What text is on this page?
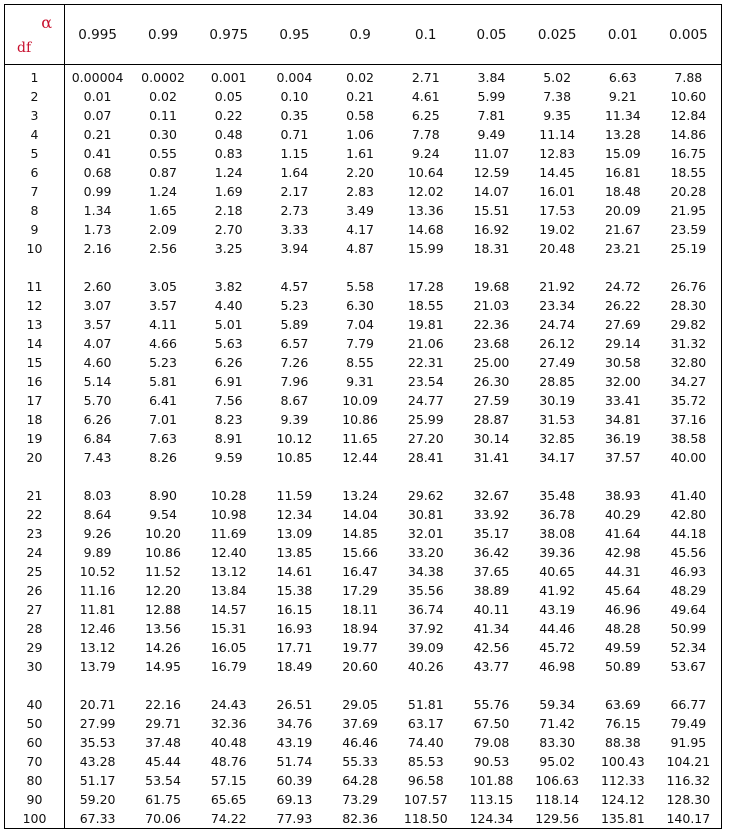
α
df	0.995	0.99	0.975	0.95	0.9	0.1	0.05	0.025	0.01	0.005
1	0.00004	0.0002	0.001	0.004	0.02	2.71	3.84	5.02	6.63	7.88
2	0.01	0.02	0.05	0.10	0.21	4.61	5.99	7.38	9.21	10.60
3	0.07	0.11	0.22	0.35	0.58	6.25	7.81	9.35	11.34	12.84
4	0.21	0.30	0.48	0.71	1.06	7.78	9.49	11.14	13.28	14.86
5	0.41	0.55	0.83	1.15	1.61	9.24	11.07	12.83	15.09	16.75
6	0.68	0.87	1.24	1.64	2.20	10.64	12.59	14.45	16.81	18.55
7	0.99	1.24	1.69	2.17	2.83	12.02	14.07	16.01	18.48	20.28
8	1.34	1.65	2.18	2.73	3.49	13.36	15.51	17.53	20.09	21.95
9	1.73	2.09	2.70	3.33	4.17	14.68	16.92	19.02	21.67	23.59
10	2.16	2.56	3.25	3.94	4.87	15.99	18.31	20.48	23.21	25.19

11	2.60	3.05	3.82	4.57	5.58	17.28	19.68	21.92	24.72	26.76
12	3.07	3.57	4.40	5.23	6.30	18.55	21.03	23.34	26.22	28.30
13	3.57	4.11	5.01	5.89	7.04	19.81	22.36	24.74	27.69	29.82
14	4.07	4.66	5.63	6.57	7.79	21.06	23.68	26.12	29.14	31.32
15	4.60	5.23	6.26	7.26	8.55	22.31	25.00	27.49	30.58	32.80
16	5.14	5.81	6.91	7.96	9.31	23.54	26.30	28.85	32.00	34.27
17	5.70	6.41	7.56	8.67	10.09	24.77	27.59	30.19	33.41	35.72
18	6.26	7.01	8.23	9.39	10.86	25.99	28.87	31.53	34.81	37.16
19	6.84	7.63	8.91	10.12	11.65	27.20	30.14	32.85	36.19	38.58
20	7.43	8.26	9.59	10.85	12.44	28.41	31.41	34.17	37.57	40.00

21	8.03	8.90	10.28	11.59	13.24	29.62	32.67	35.48	38.93	41.40
22	8.64	9.54	10.98	12.34	14.04	30.81	33.92	36.78	40.29	42.80
23	9.26	10.20	11.69	13.09	14.85	32.01	35.17	38.08	41.64	44.18
24	9.89	10.86	12.40	13.85	15.66	33.20	36.42	39.36	42.98	45.56
25	10.52	11.52	13.12	14.61	16.47	34.38	37.65	40.65	44.31	46.93
26	11.16	12.20	13.84	15.38	17.29	35.56	38.89	41.92	45.64	48.29
27	11.81	12.88	14.57	16.15	18.11	36.74	40.11	43.19	46.96	49.64
28	12.46	13.56	15.31	16.93	18.94	37.92	41.34	44.46	48.28	50.99
29	13.12	14.26	16.05	17.71	19.77	39.09	42.56	45.72	49.59	52.34
30	13.79	14.95	16.79	18.49	20.60	40.26	43.77	46.98	50.89	53.67

40	20.71	22.16	24.43	26.51	29.05	51.81	55.76	59.34	63.69	66.77
50	27.99	29.71	32.36	34.76	37.69	63.17	67.50	71.42	76.15	79.49
60	35.53	37.48	40.48	43.19	46.46	74.40	79.08	83.30	88.38	91.95
70	43.28	45.44	48.76	51.74	55.33	85.53	90.53	95.02	100.43	104.21
80	51.17	53.54	57.15	60.39	64.28	96.58	101.88	106.63	112.33	116.32
90	59.20	61.75	65.65	69.13	73.29	107.57	113.15	118.14	124.12	128.30
100	67.33	70.06	74.22	77.93	82.36	118.50	124.34	129.56	135.81	140.17
